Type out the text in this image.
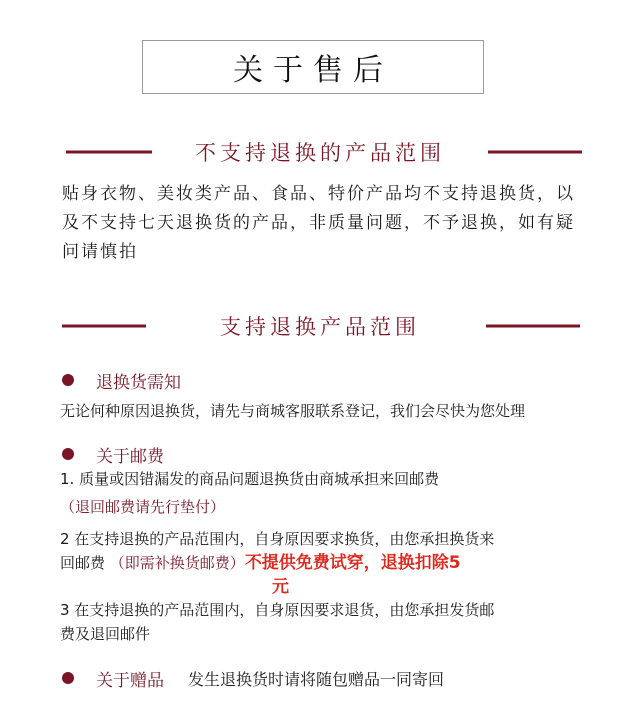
关于售后
不支持退换的产品范围
贴身衣物、美妆类产品、食品、特价产品均不支持退换货，以及不支持七天退换货的产品，非质量问题，不予退换，如有疑问请慎拍
支持退换产品范围
退换货需知
无论何种原因退换货，请先与商城客服联系登记，我们会尽快为您处理
关于邮费
1. 质量或因错漏发的商品问题退换货由商城承担来回邮费
（退回邮费请先行垫付）
2 在支持退换的产品范围内，自身原因要求换货，由您承担换货来
回邮费 （即需补换货邮费）不提供免费试穿，退换扣除5
元
3 在支持退换的产品范围内，自身原因要求退货，由您承担发货邮
费及退回邮件
关于赠品 发生退换货时请将随包赠品一同寄回
